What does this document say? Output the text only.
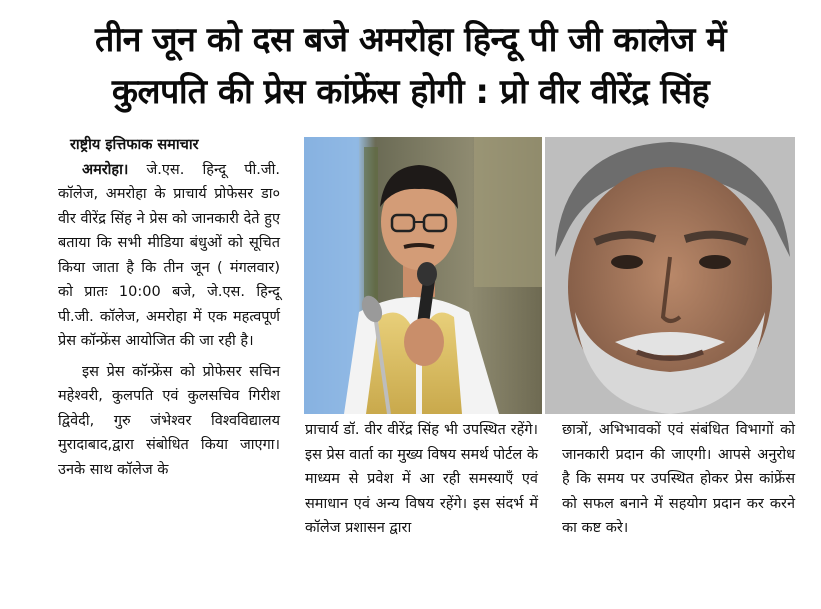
तीन जून को दस बजे अमरोहा हिन्दू पी जी कालेज में
कुलपति की प्रेस कांफ्रेंस होगी : प्रो वीर वीरेंद्र सिंह
राष्ट्रीय इत्तिफाक समाचार

अमरोहा। जे.एस. हिन्दू पी.जी. कॉलेज, अमरोहा के प्राचार्य प्रोफेसर डा० वीर वीरेंद्र सिंह ने प्रेस को जानकारी देते हुए बताया कि सभी मीडिया बंधुओं को सूचित किया जाता है कि तीन जून ( मंगलवार) को प्रातः 10:00 बजे, जे.एस. हिन्दू पी.जी. कॉलेज, अमरोहा में एक महत्वपूर्ण प्रेस कॉन्फ्रेंस आयोजित की जा रही है।

इस प्रेस कॉन्फ्रेंस को प्रोफेसर सचिन महेश्वरी, कुलपति एवं कुलसचिव गिरीश द्विवेदी, गुरु जंभेश्वर विश्वविद्यालय मुरादाबाद,द्वारा संबोधित किया जाएगा। उनके साथ कॉलेज के

प्राचार्य डॉ. वीर वीरेंद्र सिंह भी उपस्थित रहेंगे। इस प्रेस वार्ता का मुख्य विषय समर्थ पोर्टल के माध्यम से प्रवेश में आ रही समस्याएँ एवं समाधान एवं अन्य विषय रहेंगे। इस संदर्भ में कॉलेज प्रशासन द्वारा

छात्रों, अभिभावकों एवं संबंधित विभागों को जानकारी प्रदान की जाएगी। आपसे अनुरोध है कि समय पर उपस्थित होकर प्रेस कांफ्रेंस को सफल बनाने में सहयोग प्रदान कर करने का कष्ट करे।
